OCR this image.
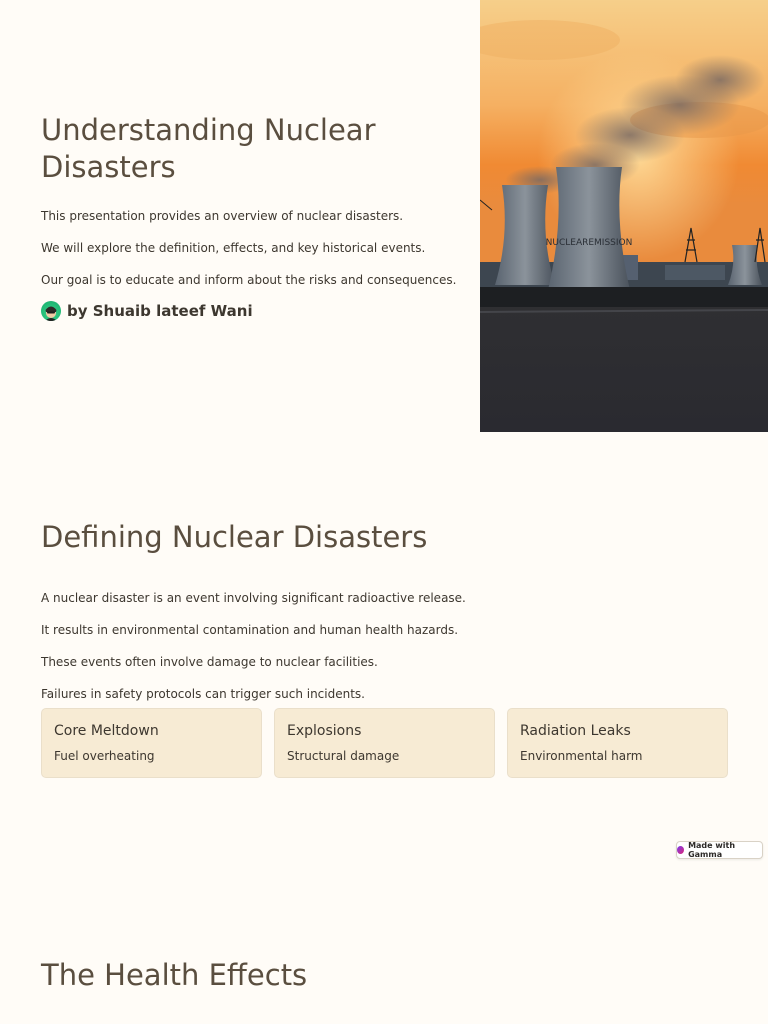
Understanding Nuclear Disasters

This presentation provides an overview of nuclear disasters.

We will explore the definition, effects, and key historical events.

Our goal is to educate and inform about the risks and consequences.

by Shuaib lateef Wani
NUCLEAREMISSION
Defining Nuclear Disasters

A nuclear disaster is an event involving significant radioactive release.

It results in environmental contamination and human health hazards.

These events often involve damage to nuclear facilities.

Failures in safety protocols can trigger such incidents.

Core Meltdown

Fuel overheating

Explosions

Structural damage

Radiation Leaks

Environmental harm

Made with Gamma
The Health Effects
